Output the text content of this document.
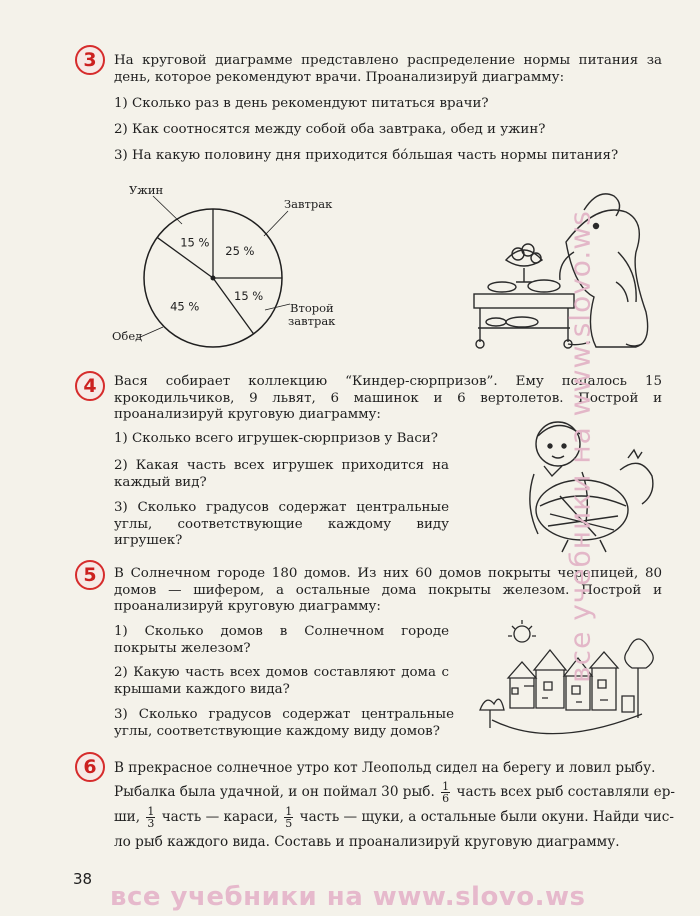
3	На круговой диаграмме представлено распределение нормы питания за день, которое рекомендуют врачи. Проанализируй диаграмму:
1) Сколько раз в день рекомендуют питаться врачи?
2) Как соотносятся между собой оба завтрака, обед и ужин?
3) На какую половину дня приходится бо́льшая часть нормы питания?
25 %
15 %
45 %
15 %
Ужин
Завтрак
Второй
завтрак
Обед
4	Вася собирает коллекцию “Киндер-сюрпризов”. Ему попалось 15 крокодильчиков, 9 львят, 6 машинок и 6 вертолетов. Построй и проанализируй круговую диаграмму:
1) Сколько всего игрушек-сюрпризов у Васи?
2) Какая часть всех игрушек приходится на каждый вид?
3) Сколько градусов содержат центральные углы, соответствующие каждому виду игрушек?
5	В Солнечном городе 180 домов. Из них 60 домов покрыты черепицей, 80 домов — шифером, а остальные дома покрыты железом. Построй и проанализируй круговую диаграмму:
1) Сколько домов в Солнечном городе покрыты железом?
2) Какую часть всех домов составляют дома с крышами каждого вида?
3) Сколько градусов содержат центральные углы, соответствующие каждому виду домов?
6	В прекрасное солнечное утро кот Леопольд сидел на берегу и ловил рыбу.
Рыбалка была удачной, и он поймал 30 рыб. $\frac{1}{6}$ часть всех рыб составляли ер-
ши, $\frac{1}{3}$ часть — караси, $\frac{1}{5}$ часть — щуки, а остальные были окуни. Найди чис-
ло рыб каждого вида. Составь и проанализируй круговую диаграмму.
38
все учебники на www.slovo.ws
все учебники на www.slovo.ws
